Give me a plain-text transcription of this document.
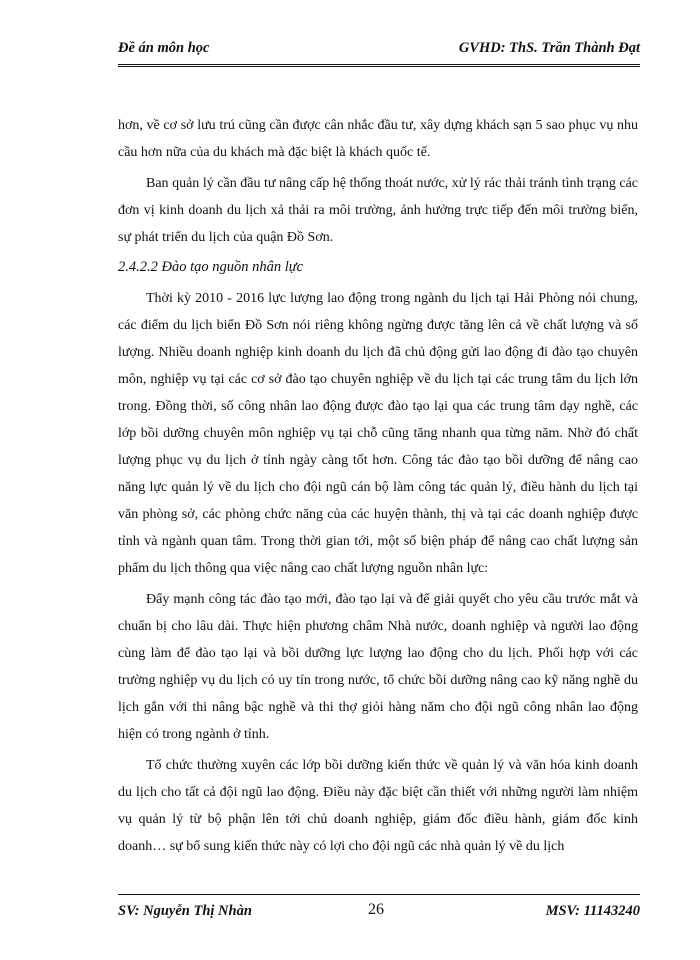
Đề án môn học	GVHD: ThS. Trần Thành Đạt

hơn, về cơ sở lưu trú cũng cần được cân nhắc đầu tư, xây dựng khách sạn 5 sao phục vụ nhu cầu hơn nữa của du khách mà đặc biệt là khách quốc tế.

Ban quản lý cần đầu tư nâng cấp hệ thống thoát nước, xử lý rác thải tránh tình trạng các đơn vị kinh doanh du lịch xả thải ra môi trường, ảnh hưởng trực tiếp đến môi trường biển, sự phát triển du lịch của quận Đồ Sơn.

2.4.2.2 Đào tạo nguồn nhân lực

Thời kỳ 2010 - 2016 lực lượng lao động trong ngành du lịch tại Hải Phòng nói chung, các điểm du lịch biển Đồ Sơn nói riêng không ngừng được tăng lên cả về chất lượng và số lượng. Nhiều doanh nghiệp kinh doanh du lịch đã chủ động gửi lao động đi đào tạo chuyên môn, nghiệp vụ tại các cơ sở đào tạo chuyên nghiệp về du lịch tại các trung tâm du lịch lớn trong. Đồng thời, số công nhân lao động được đào tạo lại qua các trung tâm dạy nghề, các lớp bồi dưỡng chuyên môn nghiệp vụ tại chỗ cũng tăng nhanh qua từng năm. Nhờ đó chất lượng phục vụ du lịch ở tỉnh ngày càng tốt hơn. Công tác đào tạo bồi dưỡng để nâng cao năng lực quản lý về du lịch cho đội ngũ cán bộ làm công tác quản lý, điều hành du lịch tại văn phòng sở, các phòng chức năng của các huyện thành, thị và tại các doanh nghiệp được tỉnh và ngành quan tâm. Trong thời gian tới, một số biện pháp để nâng cao chất lượng sản phẩm du lịch thông qua việc nâng cao chất lượng nguồn nhân lực:

Đẩy mạnh công tác đào tạo mới, đào tạo lại và để giải quyết cho yêu cầu trước mắt và chuẩn bị cho lâu dài. Thực hiện phương châm Nhà nước, doanh nghiệp và người lao động cùng làm để đào tạo lại và bồi dưỡng lực lượng lao động cho du lịch. Phối hợp với các trường nghiệp vụ du lịch có uy tín trong nước, tổ chức bồi dưỡng nâng cao kỹ năng nghề du lịch gắn với thi nâng bậc nghề và thi thợ giỏi hàng năm cho đội ngũ công nhân lao động hiện có trong ngành ở tỉnh.

Tổ chức thường xuyên các lớp bồi dưỡng kiến thức về quản lý và văn hóa kinh doanh du lịch cho tất cả đội ngũ lao động. Điều này đặc biệt cần thiết với những người làm nhiệm vụ quản lý từ bộ phận lên tới chủ doanh nghiệp, giám đốc điều hành, giám đốc kinh doanh… sự bổ sung kiến thức này có lợi cho đội ngũ các nhà quản lý về du lịch

SV: Nguyễn Thị Nhàn	26	MSV: 11143240
